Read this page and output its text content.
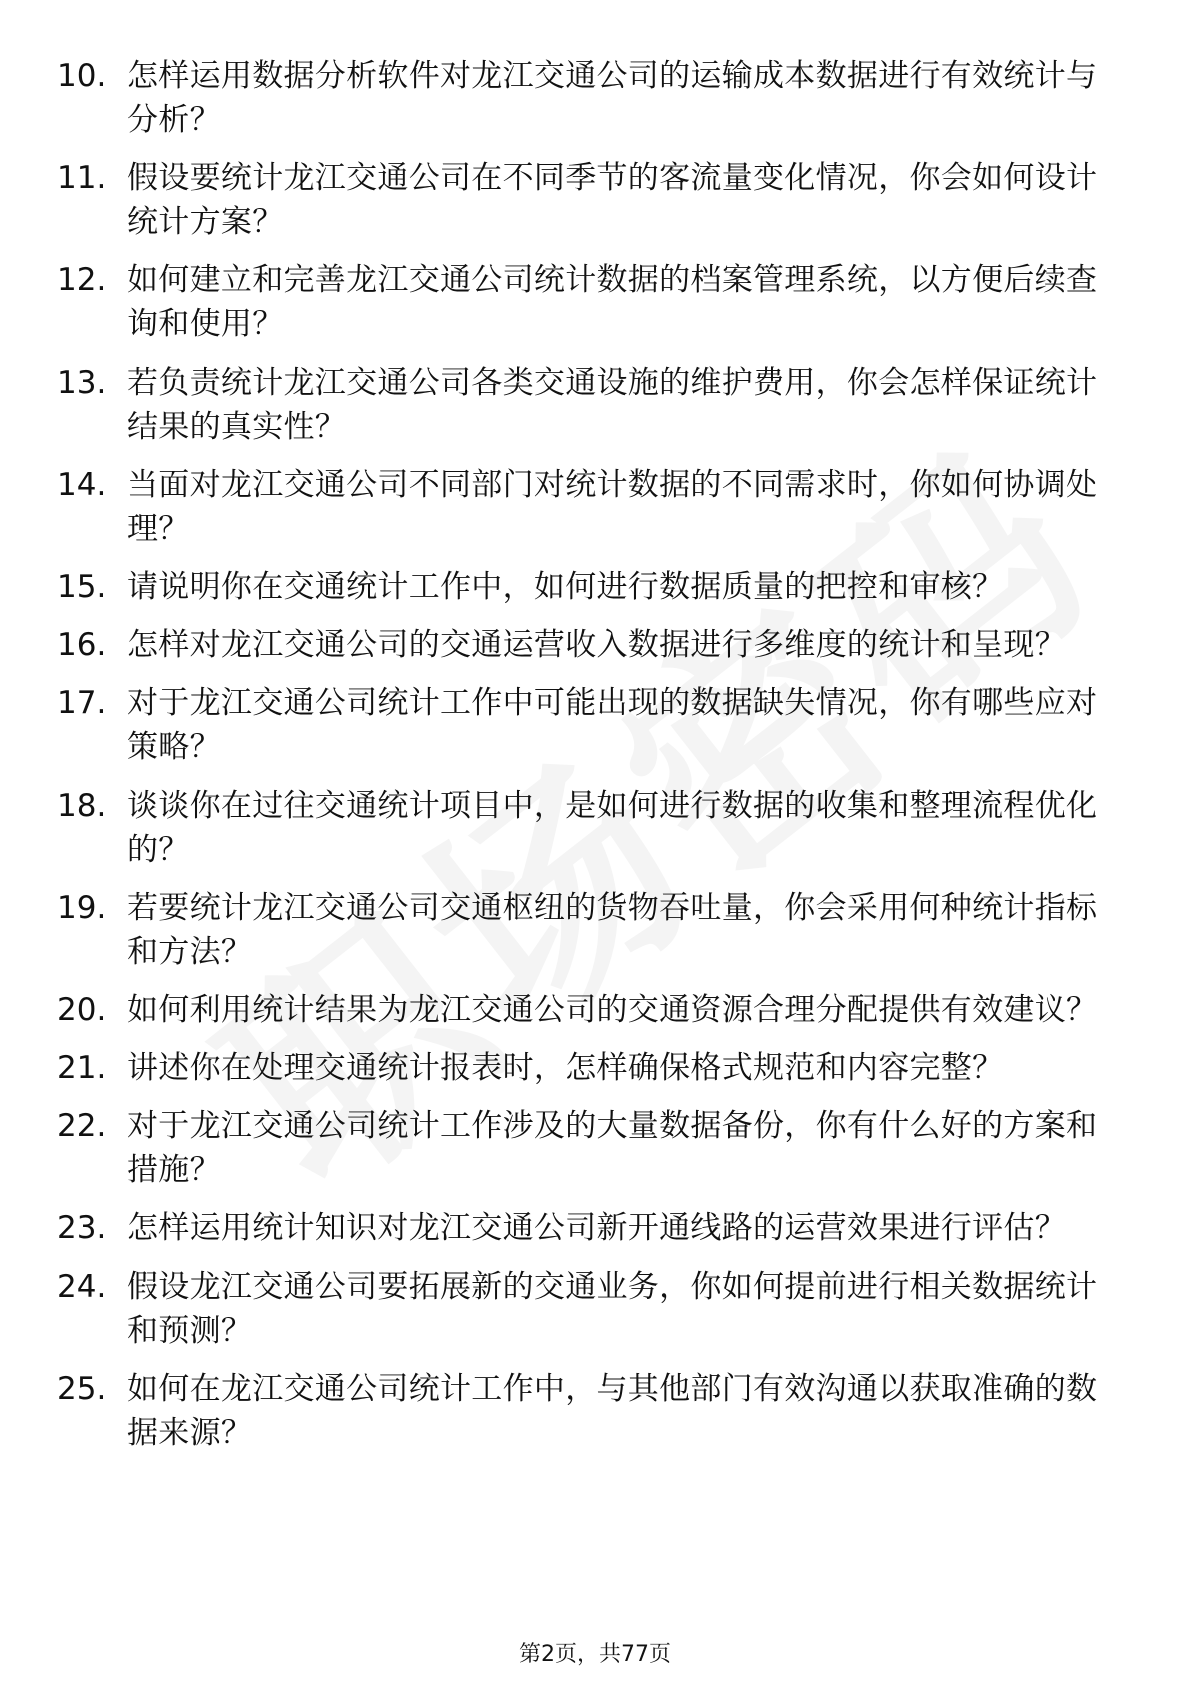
10. 怎样运用数据分析软件对龙江交通公司的运输成本数据进行有效统计与分析？
11. 假设要统计龙江交通公司在不同季节的客流量变化情况，你会如何设计统计方案？
12. 如何建立和完善龙江交通公司统计数据的档案管理系统，以方便后续查询和使用？
13. 若负责统计龙江交通公司各类交通设施的维护费用，你会怎样保证统计结果的真实性？
14. 当面对龙江交通公司不同部门对统计数据的不同需求时，你如何协调处理？
15. 请说明你在交通统计工作中，如何进行数据质量的把控和审核？
16. 怎样对龙江交通公司的交通运营收入数据进行多维度的统计和呈现？
17. 对于龙江交通公司统计工作中可能出现的数据缺失情况，你有哪些应对策略？
18. 谈谈你在过往交通统计项目中，是如何进行数据的收集和整理流程优化的？
19. 若要统计龙江交通公司交通枢纽的货物吞吐量，你会采用何种统计指标和方法？
20. 如何利用统计结果为龙江交通公司的交通资源合理分配提供有效建议？
21. 讲述你在处理交通统计报表时，怎样确保格式规范和内容完整？
22. 对于龙江交通公司统计工作涉及的大量数据备份，你有什么好的方案和措施？
23. 怎样运用统计知识对龙江交通公司新开通线路的运营效果进行评估？
24. 假设龙江交通公司要拓展新的交通业务，你如何提前进行相关数据统计和预测？
25. 如何在龙江交通公司统计工作中，与其他部门有效沟通以获取准确的数据来源？
第2页，共77页
